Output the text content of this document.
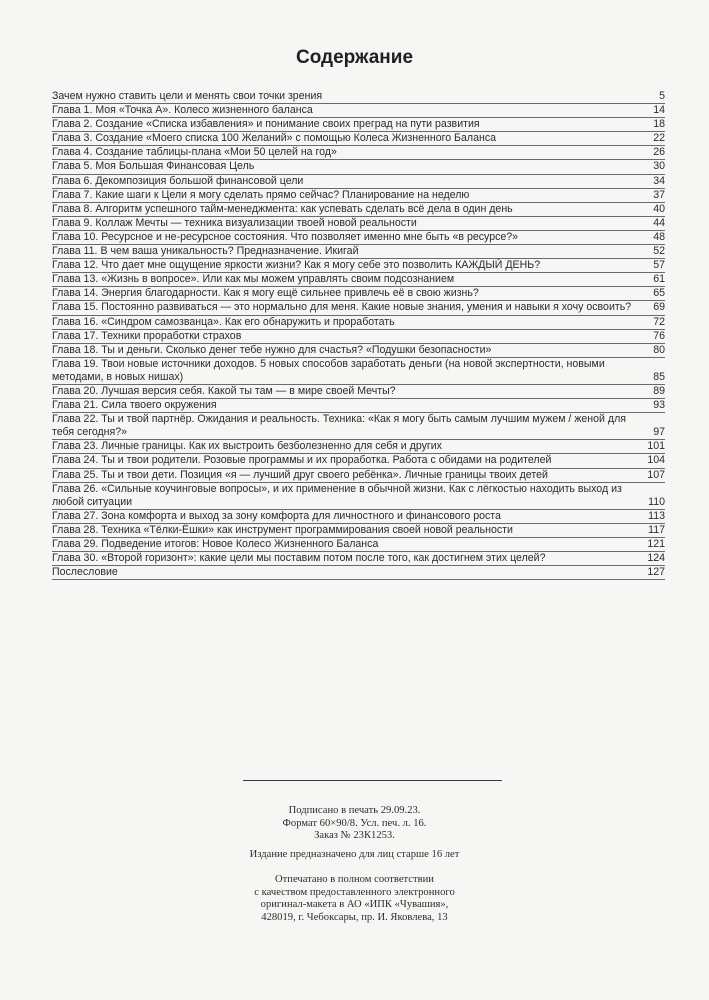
Содержание
Зачем нужно ставить цели и менять свои точки зрения	5
Глава 1. Моя «Точка А». Колесо жизненного баланса	14
Глава 2. Создание «Списка избавления» и понимание своих преград на пути развития	18
Глава 3. Создание «Моего списка 100 Желаний» с помощью Колеса Жизненного Баланса	22
Глава 4. Создание таблицы-плана «Мои 50 целей на год»	26
Глава 5. Моя Большая Финансовая Цель	30
Глава 6. Декомпозиция большой финансовой цели	34
Глава 7. Какие шаги к Цели я могу сделать прямо сейчас? Планирование на неделю	37
Глава 8. Алгоритм успешного тайм-менеджмента: как успевать сделать всё дела в один день	40
Глава 9. Коллаж Мечты — техника визуализации твоей новой реальности	44
Глава 10. Ресурсное и не-ресурсное состояния. Что позволяет именно мне быть «в ресурсе?»	48
Глава 11. В чем ваша уникальность? Предназначение. Икигай	52
Глава 12. Что дает мне ощущение яркости жизни? Как я могу себе это позволить КАЖДЫЙ ДЕНЬ?	57
Глава 13. «Жизнь в вопросе». Или как мы можем управлять своим подсознанием	61
Глава 14. Энергия благодарности. Как я могу ещё сильнее привлечь её в свою жизнь?	65
Глава 15. Постоянно развиваться — это нормально для меня. Какие новые знания, умения и навыки я хочу освоить?	69
Глава 16. «Синдром самозванца». Как его обнаружить и проработать	72
Глава 17. Техники проработки страхов	76
Глава 18. Ты и деньги. Сколько денег тебе нужно для счастья? «Подушки безопасности»	80
Глава 19. Твои новые источники доходов. 5 новых способов заработать деньги (на новой экспертности, новыми методами, в новых нишах)	85
Глава 20. Лучшая версия себя. Какой ты там — в мире своей Мечты?	89
Глава 21. Сила твоего окружения	93
Глава 22. Ты и твой партнёр. Ожидания и реальность. Техника: «Как я могу быть самым лучшим мужем / женой для тебя сегодня?»	97
Глава 23. Личные границы. Как их выстроить безболезненно для себя и других	101
Глава 24. Ты и твои родители. Розовые программы и их проработка. Работа с обидами на родителей	104
Глава 25. Ты и твои дети. Позиция «я — лучший друг своего ребёнка». Личные границы твоих детей	107
Глава 26. «Сильные коучинговые вопросы», и их применение в обычной жизни. Как с лёгкостью находить выход из любой ситуации	110
Глава 27. Зона комфорта и выход за зону комфорта для личностного и финансового роста	113
Глава 28. Техника «Тёлки-Ёшки» как инструмент программирования своей новой реальности	117
Глава 29. Подведение итогов: Новое Колесо Жизненного Баланса	121
Глава 30. «Второй горизонт»: какие цели мы поставим потом после того, как достигнем этих целей?	124
Послесловие	127
Подписано в печать 29.09.23.
Формат 60×90/8. Усл. печ. л. 16.
Заказ № 23К1253.
Издание предназначено для лиц старше 16 лет
Отпечатано в полном соответствии
с качеством предоставленного электронного
оригинал-макета в АО «ИПК «Чувашия»,
428019, г. Чебоксары, пр. И. Яковлева, 13
